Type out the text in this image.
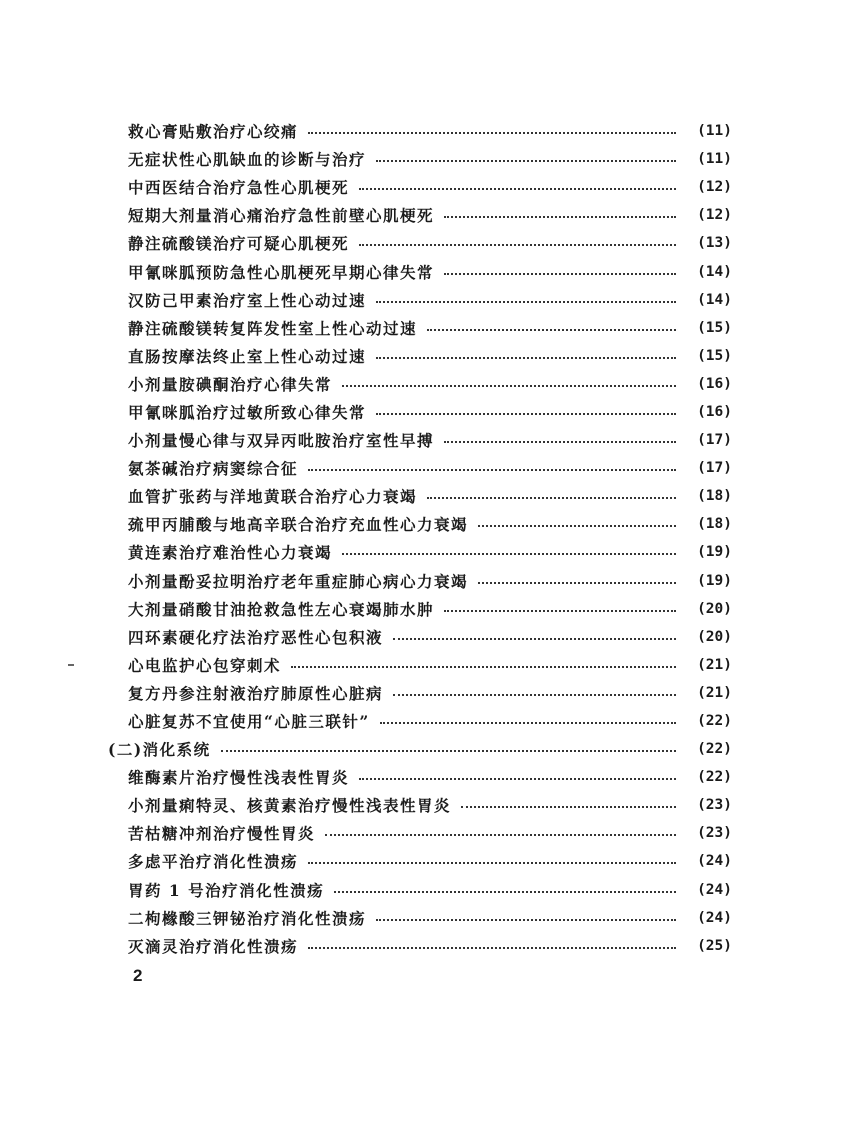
救心膏贴敷治疗心绞痛	(11)
无症状性心肌缺血的诊断与治疗	(11)
中西医结合治疗急性心肌梗死	(12)
短期大剂量消心痛治疗急性前壁心肌梗死	(12)
静注硫酸镁治疗可疑心肌梗死	(13)
甲氰咪胍预防急性心肌梗死早期心律失常	(14)
汉防己甲素治疗室上性心动过速	(14)
静注硫酸镁转复阵发性室上性心动过速	(15)
直肠按摩法终止室上性心动过速	(15)
小剂量胺碘酮治疗心律失常	(16)
甲氰咪胍治疗过敏所致心律失常	(16)
小剂量慢心律与双异丙吡胺治疗室性早搏	(17)
氨茶碱治疗病窦综合征	(17)
血管扩张药与洋地黄联合治疗心力衰竭	(18)
巯甲丙脯酸与地高辛联合治疗充血性心力衰竭	(18)
黄连素治疗难治性心力衰竭	(19)
小剂量酚妥拉明治疗老年重症肺心病心力衰竭	(19)
大剂量硝酸甘油抢救急性左心衰竭肺水肿	(20)
四环素硬化疗法治疗恶性心包积液	(20)
心电监护心包穿刺术	(21)
复方丹参注射液治疗肺原性心脏病	(21)
心脏复苏不宜使用“心脏三联针”	(22)
(二)消化系统	(22)
维酶素片治疗慢性浅表性胃炎	(22)
小剂量痢特灵、核黄素治疗慢性浅表性胃炎	(23)
苦枯糖冲剂治疗慢性胃炎	(23)
多虑平治疗消化性溃疡	(24)
胃药 1 号治疗消化性溃疡	(24)
二枸橼酸三钾铋治疗消化性溃疡	(24)
灭滴灵治疗消化性溃疡	(25)
2
